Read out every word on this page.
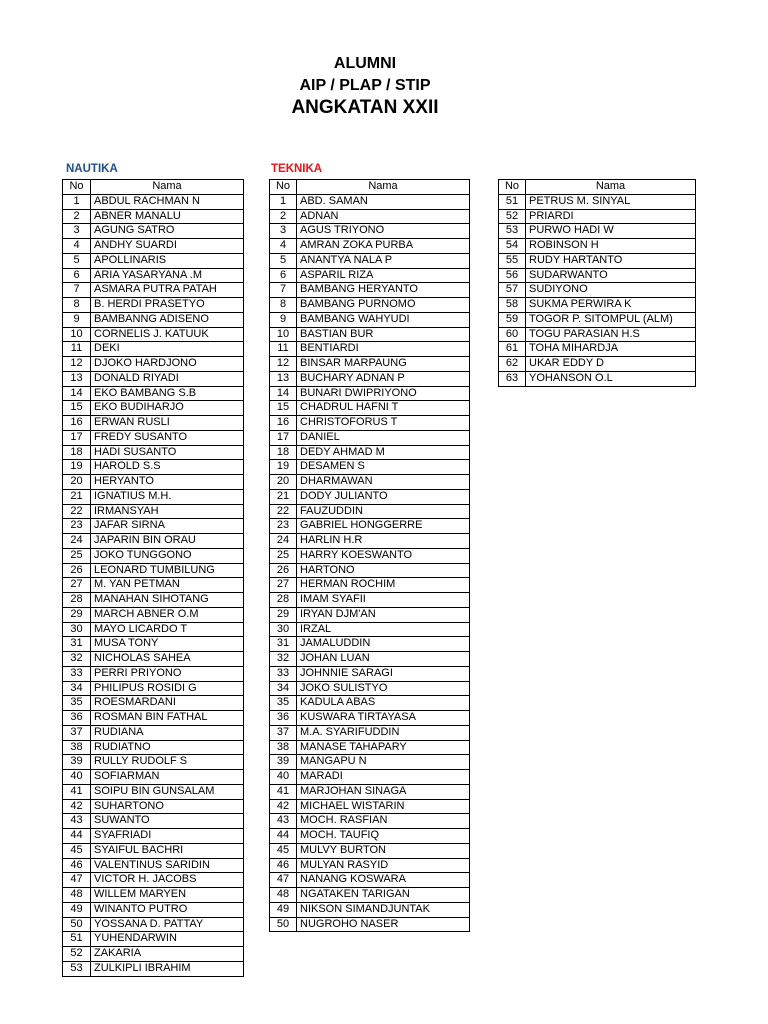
ALUMNI
AIP / PLAP / STIP
ANGKATAN XXII
NAUTIKA	TEKNIKA
No	Nama
1	ABDUL RACHMAN N
2	ABNER MANALU
3	AGUNG SATRO
4	ANDHY SUARDI
5	APOLLINARIS
6	ARIA YASARYANA .M
7	ASMARA PUTRA PATAH
8	B. HERDI PRASETYO
9	BAMBANNG ADISENO
10	CORNELIS J. KATUUK
11	DEKI
12	DJOKO HARDJONO
13	DONALD RIYADI
14	EKO BAMBANG S.B
15	EKO BUDIHARJO
16	ERWAN RUSLI
17	FREDY SUSANTO
18	HADI SUSANTO
19	HAROLD S.S
20	HERYANTO
21	IGNATIUS M.H.
22	IRMANSYAH
23	JAFAR SIRNA
24	JAPARIN BIN ORAU
25	JOKO TUNGGONO
26	LEONARD TUMBILUNG
27	M. YAN PETMAN
28	MANAHAN SIHOTANG
29	MARCH ABNER O.M
30	MAYO LICARDO T
31	MUSA TONY
32	NICHOLAS SAHEA
33	PERRI PRIYONO
34	PHILIPUS ROSIDI G
35	ROESMARDANI
36	ROSMAN BIN FATHAL
37	RUDIANA
38	RUDIATNO
39	RULLY RUDOLF S
40	SOFIARMAN
41	SOIPU BIN GUNSALAM
42	SUHARTONO
43	SUWANTO
44	SYAFRIADI
45	SYAIFUL BACHRI
46	VALENTINUS SARIDIN
47	VICTOR H. JACOBS
48	WILLEM MARYEN
49	WINANTO PUTRO
50	YOSSANA D. PATTAY
51	YUHENDARWIN
52	ZAKARIA
53	ZULKIPLI IBRAHIM
No	Nama
1	ABD. SAMAN
2	ADNAN
3	AGUS TRIYONO
4	AMRAN ZOKA PURBA
5	ANANTYA NALA P
6	ASPARIL RIZA
7	BAMBANG HERYANTO
8	BAMBANG PURNOMO
9	BAMBANG WAHYUDI
10	BASTIAN BUR
11	BENTIARDI
12	BINSAR MARPAUNG
13	BUCHARY ADNAN P
14	BUNARI DWIPRIYONO
15	CHADRUL HAFNI T
16	CHRISTOFORUS T
17	DANIEL
18	DEDY AHMAD M
19	DESAMEN S
20	DHARMAWAN
21	DODY JULIANTO
22	FAUZUDDIN
23	GABRIEL HONGGERRE
24	HARLIN H.R
25	HARRY KOESWANTO
26	HARTONO
27	HERMAN ROCHIM
28	IMAM SYAFII
29	IRYAN DJM'AN
30	IRZAL
31	JAMALUDDIN
32	JOHAN LUAN
33	JOHNNIE SARAGI
34	JOKO SULISTYO
35	KADULA ABAS
36	KUSWARA TIRTAYASA
37	M.A. SYARIFUDDIN
38	MANASE TAHAPARY
39	MANGAPU N
40	MARADI
41	MARJOHAN SINAGA
42	MICHAEL WISTARIN
43	MOCH. RASFIAN
44	MOCH. TAUFIQ
45	MULVY BURTON
46	MULYAN RASYID
47	NANANG KOSWARA
48	NGATAKEN TARIGAN
49	NIKSON SIMANDJUNTAK
50	NUGROHO NASER
No	Nama
51	PETRUS M. SINYAL
52	PRIARDI
53	PURWO HADI W
54	ROBINSON H
55	RUDY HARTANTO
56	SUDARWANTO
57	SUDIYONO
58	SUKMA PERWIRA K
59	TOGOR P. SITOMPUL (ALM)
60	TOGU PARASIAN H.S
61	TOHA MIHARDJA
62	UKAR EDDY D
63	YOHANSON O.L
